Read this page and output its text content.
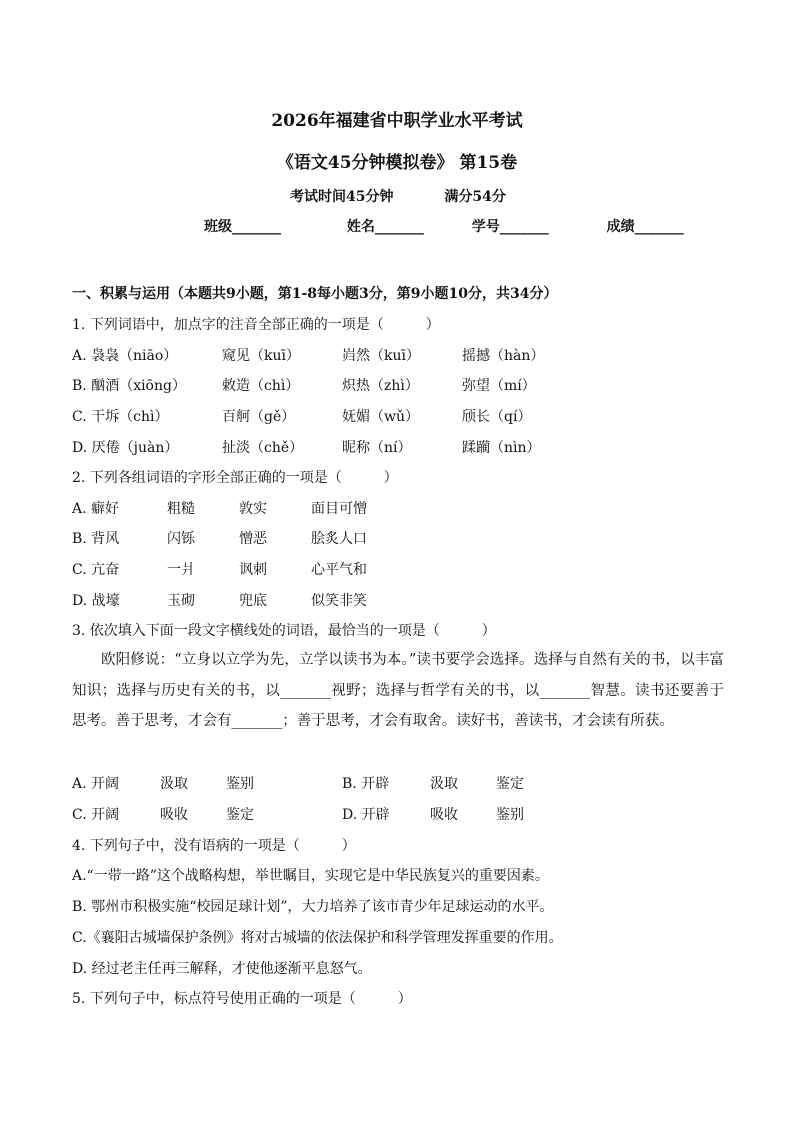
2026年福建省中职学业水平考试
《语文45分钟模拟卷》 第15卷
考试时间45分钟	满分54分
班级_______	姓名_______	学号_______	成绩_______
一、积累与运用（本题共9小题，第1-8每小题3分，第9小题10分，共34分）
1. 下列词语中，加点字的注音全部正确的一项是（　　　）
A. 袅袅（niāo）	窥见（kuī）	岿然（kuī）	摇撼（hàn）
B. 酗酒（xiōng）	敕造（chì）	炽热（zhì）	弥望（mí）
C. 干坼（chì）	百舸（gě）	妩媚（wǔ）	颀长（qí）
D. 厌倦（juàn）	扯淡（chě）	昵称（ní）	蹂躏（nìn）
2. 下列各组词语的字形全部正确的一项是（　　　）
A. 癖好	粗糙	敦实	面目可憎
B. 背风	闪铄	憎恶	脍炙人口
C. 亢奋	一爿	讽刺	心平气和
D. 战壕	玉砌	兜底	似笑非笑
3. 依次填入下面一段文字横线处的词语，最恰当的一项是（　　　）
欧阳修说：“立身以立学为先，立学以读书为本。”读书要学会选择。选择与自然有关的书，以丰富知识；选择与历史有关的书，以_______视野；选择与哲学有关的书，以_______智慧。读书还要善于思考。善于思考，才会有_______；善于思考，才会有取舍。读好书，善读书，才会读有所获。
A. 开阔	汲取	鉴别	B. 开辟	汲取	鉴定
C. 开阔	吸收	鉴定	D. 开辟	吸收	鉴别
4. 下列句子中，没有语病的一项是（　　　）
A.“一带一路”这个战略构想，举世瞩目，实现它是中华民族复兴的重要因素。
B. 鄂州市积极实施“校园足球计划”，大力培养了该市青少年足球运动的水平。
C.《襄阳古城墙保护条例》将对古城墙的依法保护和科学管理发挥重要的作用。
D. 经过老主任再三解释，才使他逐渐平息怒气。
5. 下列句子中，标点符号使用正确的一项是（　　　）
